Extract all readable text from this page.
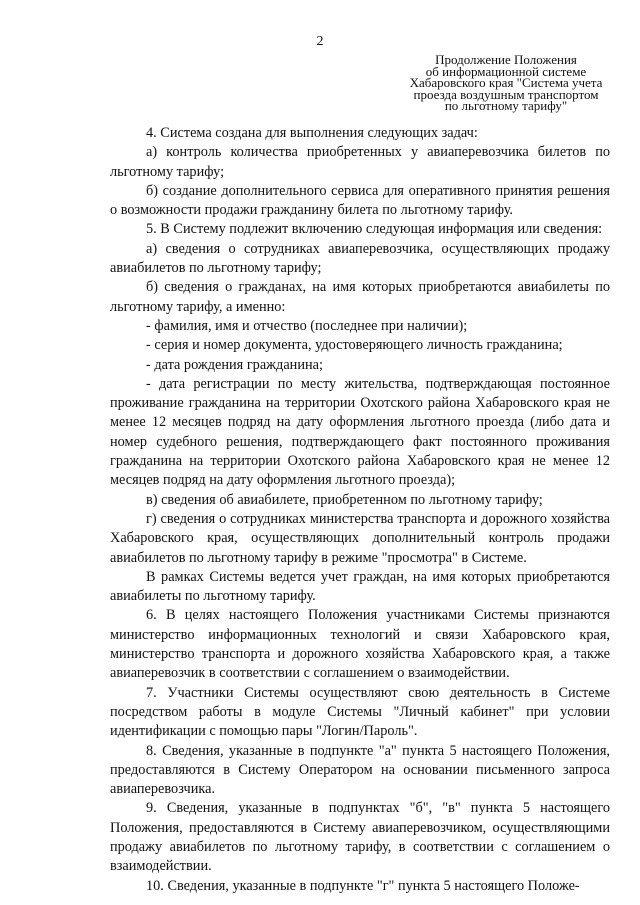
2
Продолжение Положения
об информационной системе
Хабаровского края "Система учета
проезда воздушным транспортом
по льготному тарифу"

4. Система создана для выполнения следующих задач:

а) контроль количества приобретенных у авиаперевозчика билетов по льготному тарифу;

б) создание дополнительного сервиса для оперативного принятия решения о возможности продажи гражданину билета по льготному тарифу.

5. В Систему подлежит включению следующая информация или сведения:

а) сведения о сотрудниках авиаперевозчика, осуществляющих продажу авиабилетов по льготному тарифу;

б) сведения о гражданах, на имя которых приобретаются авиабилеты по льготному тарифу, а именно:

- фамилия, имя и отчество (последнее при наличии);

- серия и номер документа, удостоверяющего личность гражданина;

- дата рождения гражданина;

- дата регистрации по месту жительства, подтверждающая постоянное проживание гражданина на территории Охотского района Хабаровского края не менее 12 месяцев подряд на дату оформления льготного проезда (либо дата и номер судебного решения, подтверждающего факт постоянного проживания гражданина на территории Охотского района Хабаровского края не менее 12 месяцев подряд на дату оформления льготного проезда);

в) сведения об авиабилете, приобретенном по льготному тарифу;

г) сведения о сотрудниках министерства транспорта и дорожного хозяйства Хабаровского края, осуществляющих дополнительный контроль продажи авиабилетов по льготному тарифу в режиме "просмотра" в Системе.

В рамках Системы ведется учет граждан, на имя которых приобретаются авиабилеты по льготному тарифу.

6. В целях настоящего Положения участниками Системы признаются министерство информационных технологий и связи Хабаровского края, министерство транспорта и дорожного хозяйства Хабаровского края, а также авиаперевозчик в соответствии с соглашением о взаимодействии.

7. Участники Системы осуществляют свою деятельность в Системе посредством работы в модуле Системы "Личный кабинет" при условии идентификации с помощью пары "Логин/Пароль".

8. Сведения, указанные в подпункте "а" пункта 5 настоящего Положения, предоставляются в Систему Оператором на основании письменного запроса авиаперевозчика.

9. Сведения, указанные в подпунктах "б", "в" пункта 5 настоящего Положения, предоставляются в Систему авиаперевозчиком, осуществляющими продажу авиабилетов по льготному тарифу, в соответствии с соглашением о взаимодействии.

10. Сведения, указанные в подпункте "г" пункта 5 настоящего Положе-
